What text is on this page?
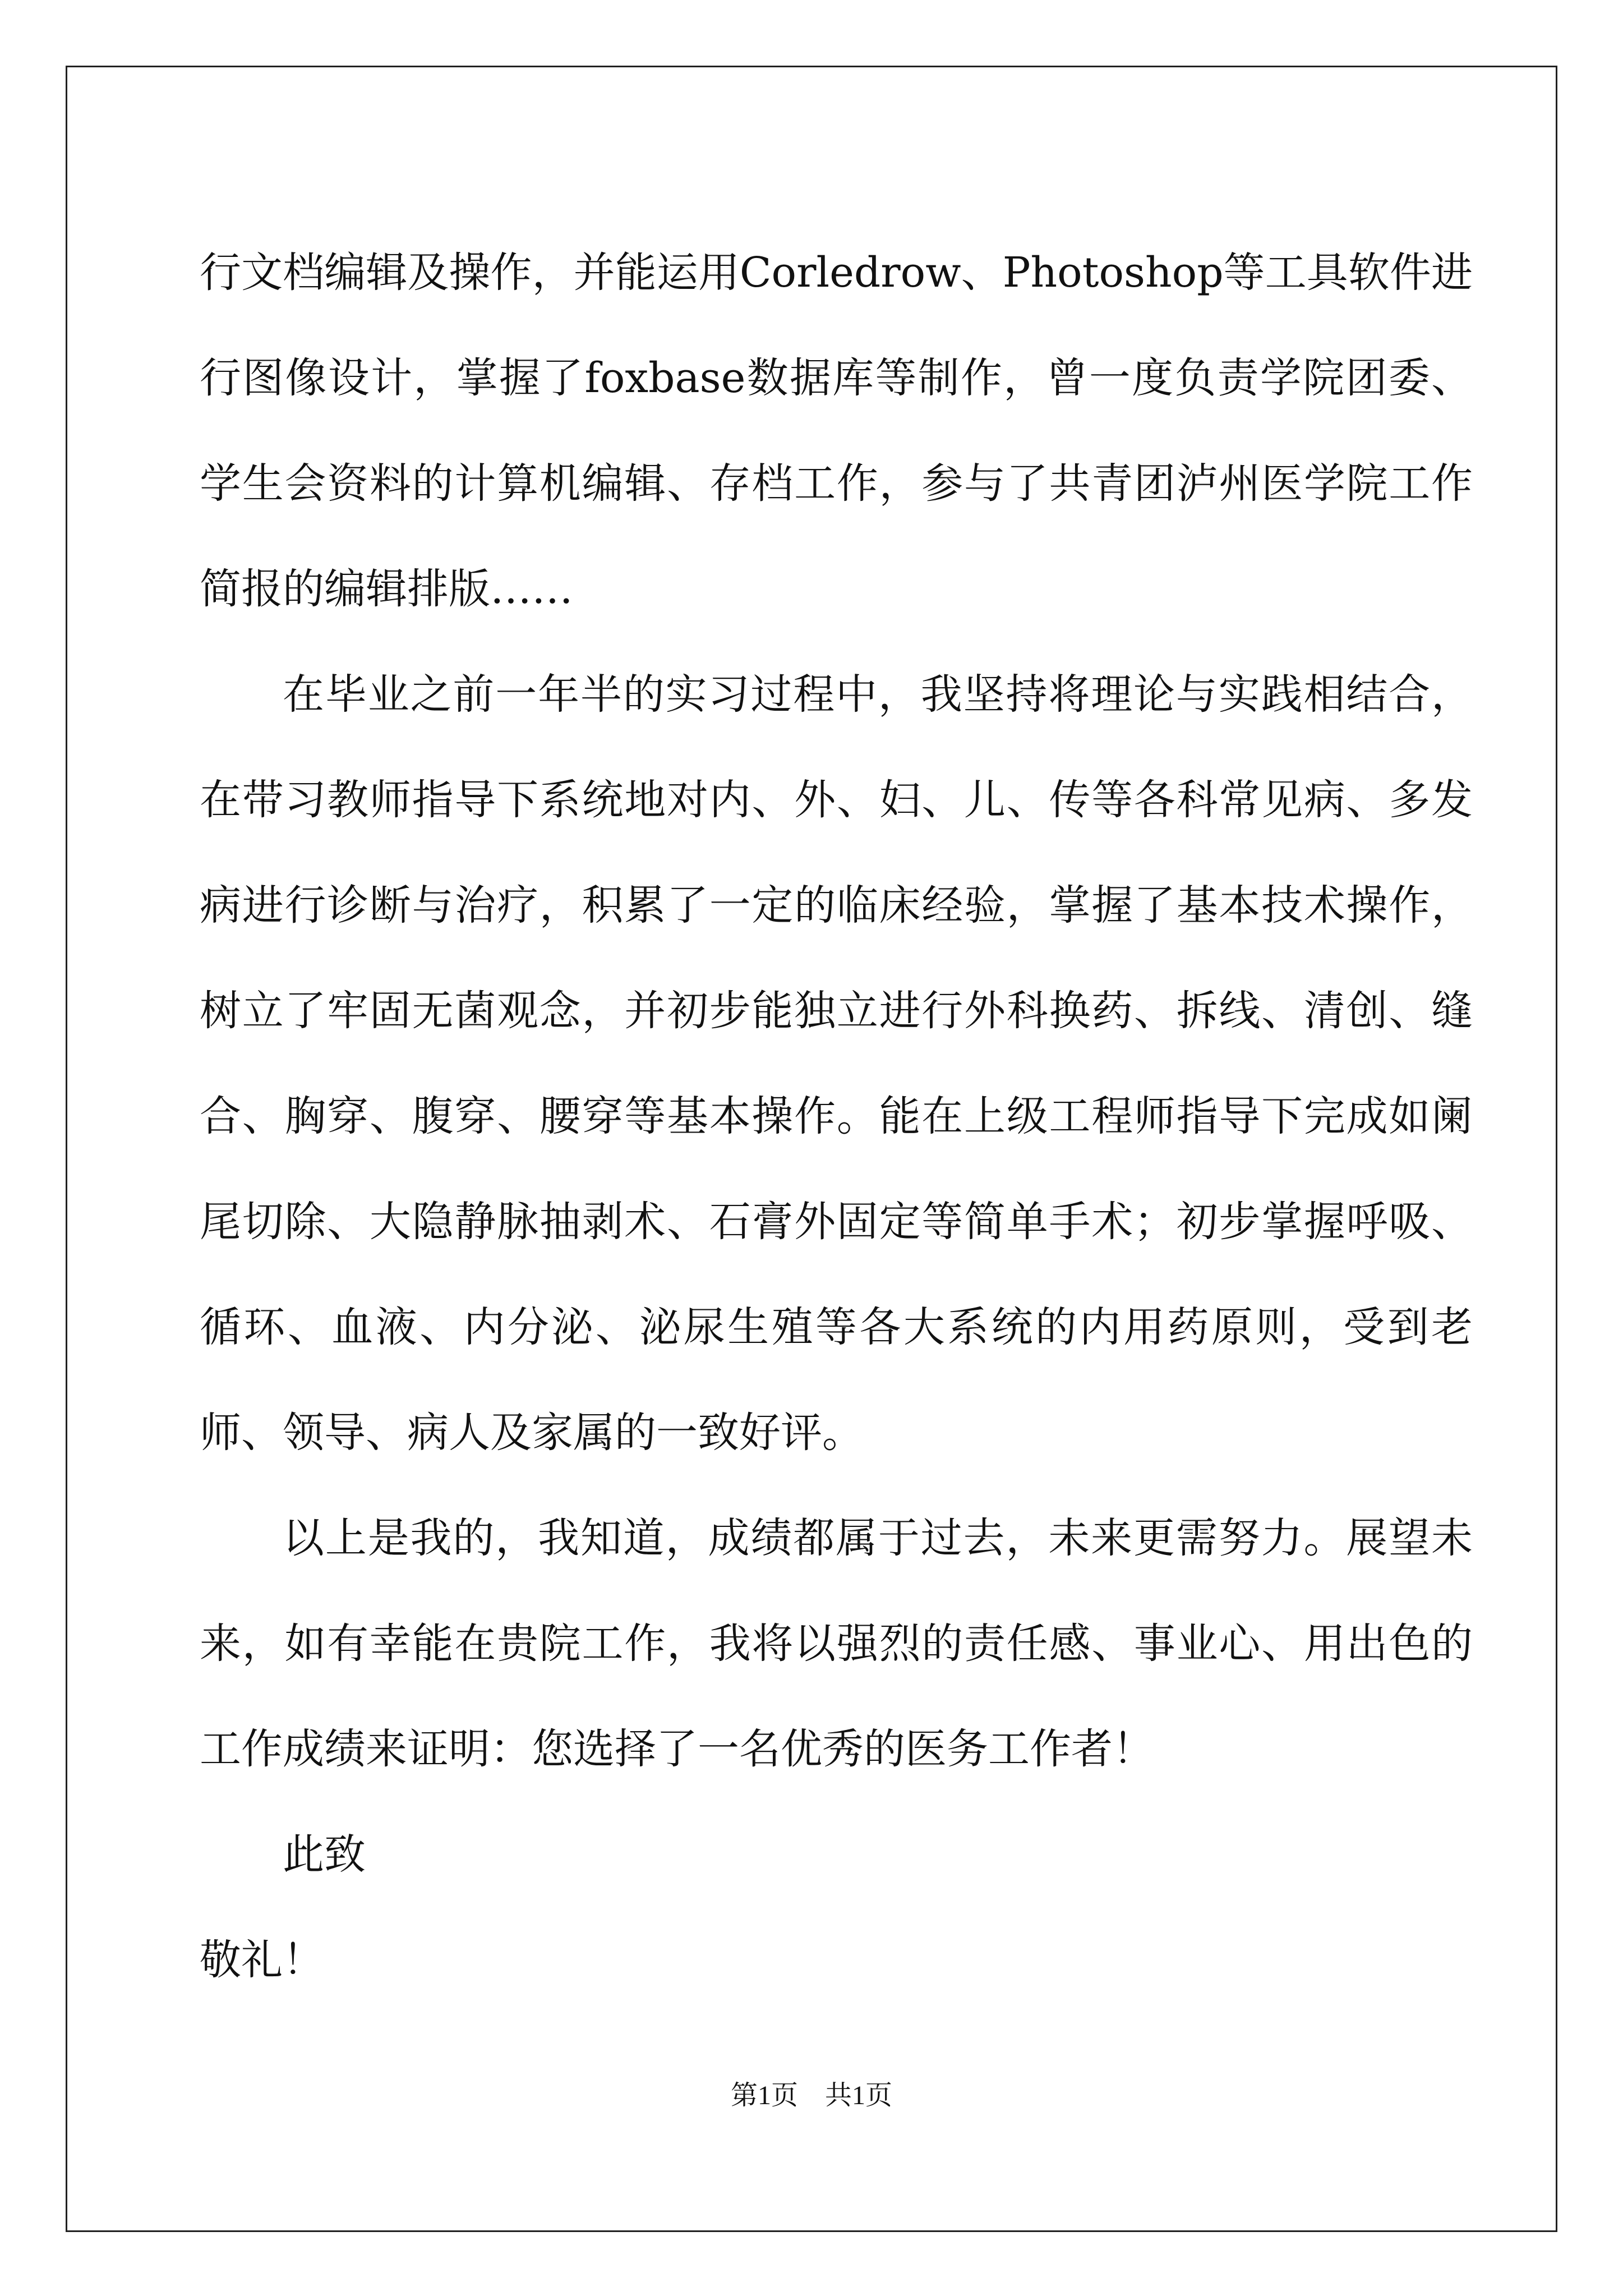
行文档编辑及操作，并能运用Corledrow、Photoshop等工具软件进行图像设计，掌握了foxbase数据库等制作，曾一度负责学院团委、学生会资料的计算机编辑、存档工作，参与了共青团泸州医学院工作简报的编辑排版……

在毕业之前一年半的实习过程中，我坚持将理论与实践相结合，在带习教师指导下系统地对内、外、妇、儿、传等各科常见病、多发病进行诊断与治疗，积累了一定的临床经验，掌握了基本技术操作，树立了牢固无菌观念，并初步能独立进行外科换药、拆线、清创、缝合、胸穿、腹穿、腰穿等基本操作。能在上级工程师指导下完成如阑尾切除、大隐静脉抽剥术、石膏外固定等简单手术；初步掌握呼吸、循环、血液、内分泌、泌尿生殖等各大系统的内用药原则，受到老师、领导、病人及家属的一致好评。

以上是我的，我知道，成绩都属于过去，未来更需努力。展望未来，如有幸能在贵院工作，我将以强烈的责任感、事业心、用出色的工作成绩来证明：您选择了一名优秀的医务工作者！

此致

敬礼！

第1页　共1页
